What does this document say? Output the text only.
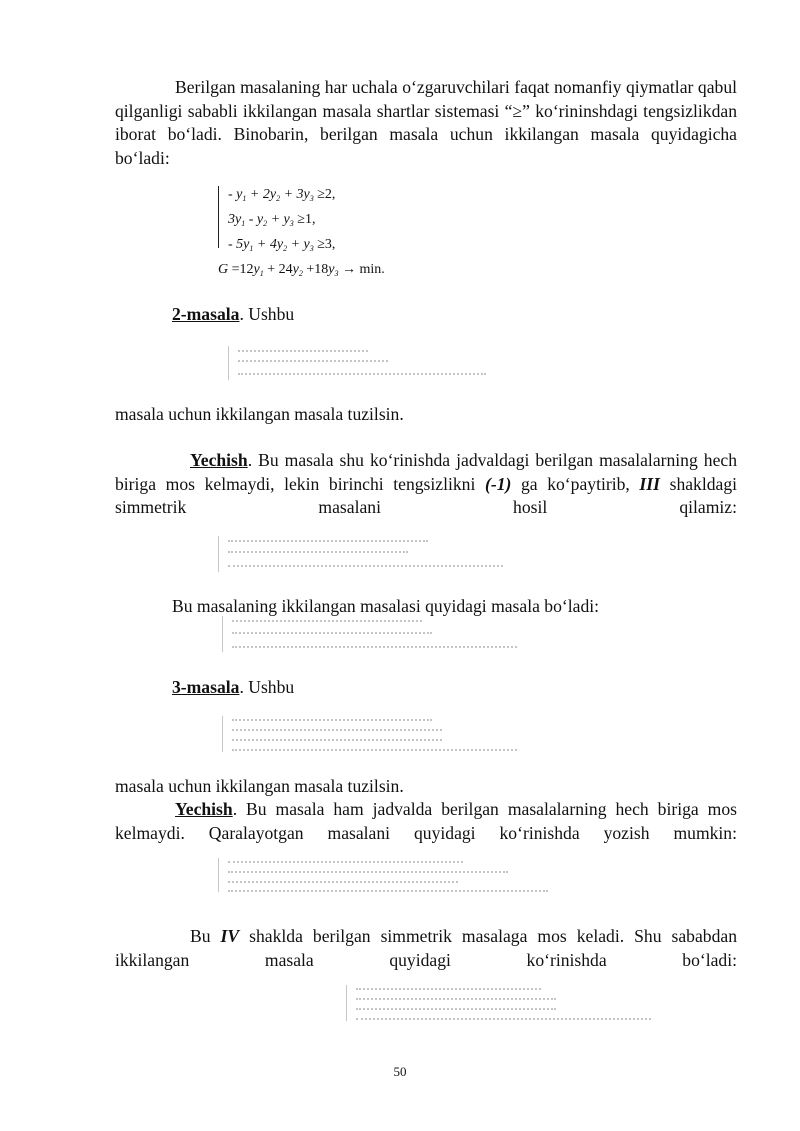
Berilgan masalaning har uchala o‘zgaruvchilari faqat nomanfiy qiymatlar qabul qilganligi sababli ikkilangan masala shartlar sistemasi “≥” ko‘rininshdagi tengsizlikdan iborat bo‘ladi. Binobarin, berilgan masala uchun ikkilangan masala quyidagicha bo‘ladi:

- $y_1 + 2y_2 + 3y_3 \ge 2$,
$3y_1 - y_2 + y_3 \ge 1$,
- $5y_1 + 4y_2 + y_3 \ge 3$,
$G =12y_1 + 24y_2 +18y_3 \to \min$.

2-masala. Ushbu

masala uchun ikkilangan masala tuzilsin.

Yechish. Bu masala shu ko‘rinishda jadvaldagi berilgan masalalarning hech biriga mos kelmaydi, lekin birinchi tengsizlikni (-1) ga ko‘paytirib, III shakldagi simmetrik masalani hosil qilamiz:

Bu masalaning ikkilangan masalasi quyidagi masala bo‘ladi:

3-masala. Ushbu

masala uchun ikkilangan masala tuzilsin.

Yechish. Bu masala ham jadvalda berilgan masalalarning hech biriga mos kelmaydi. Qaralayotgan masalani quyidagi ko‘rinishda yozish mumkin:

Bu IV shaklda berilgan simmetrik masalaga mos keladi. Shu sababdan ikkilangan masala quyidagi ko‘rinishda bo‘ladi:

50
